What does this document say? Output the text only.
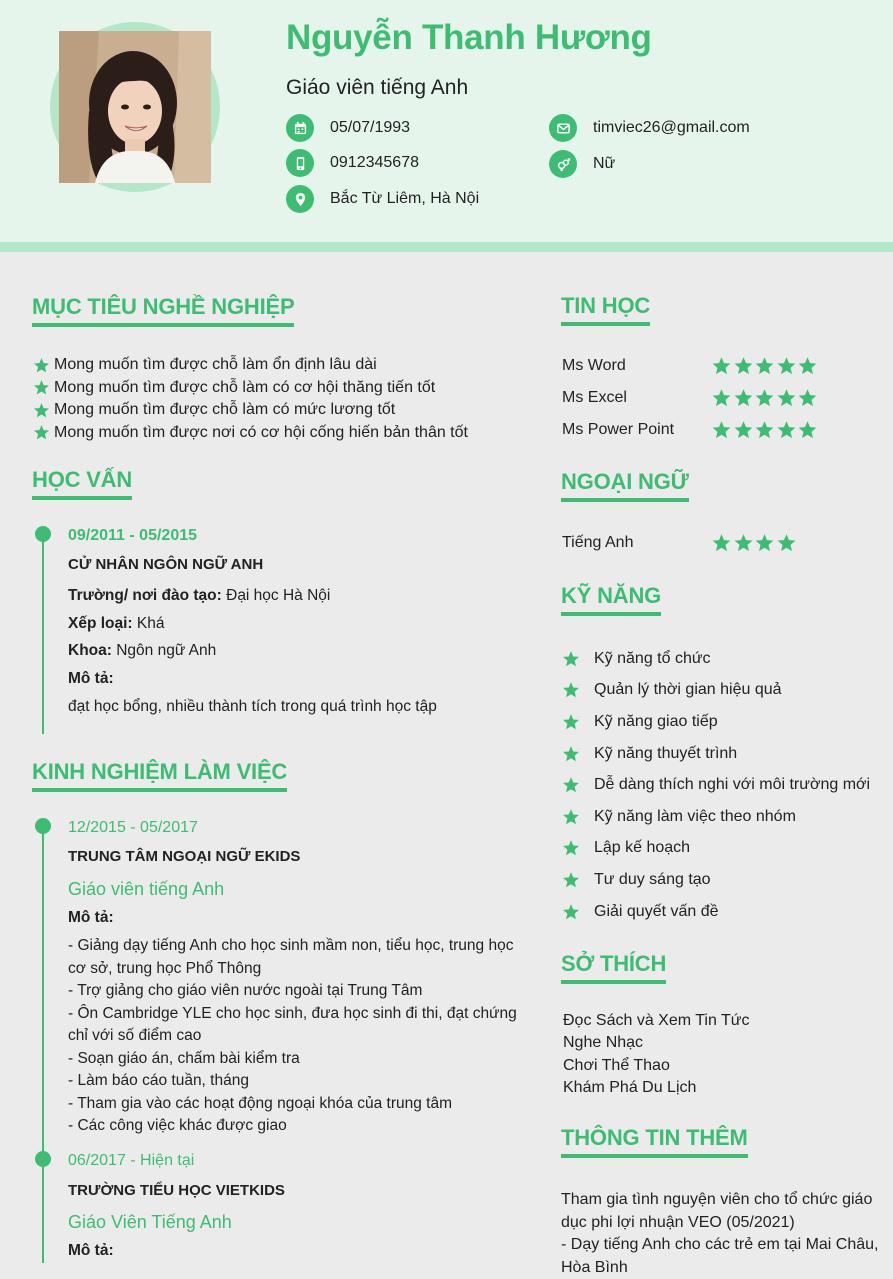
Nguyễn Thanh Hương
Giáo viên tiếng Anh
05/07/1993
0912345678
Bắc Từ Liêm, Hà Nội
timviec26@gmail.com
Nữ
MỤC TIÊU NGHỀ NGHIỆP
Mong muốn tìm được chỗ làm ổn định lâu dài
Mong muốn tìm được chỗ làm có cơ hội thăng tiến tốt
Mong muốn tìm được chỗ làm có mức lương tốt
Mong muốn tìm được nơi có cơ hội cống hiến bản thân tốt
HỌC VẤN
09/2011 - 05/2015
CỬ NHÂN NGÔN NGỮ ANH
Trường/ nơi đào tạo: Đại học Hà Nội
Xếp loại: Khá
Khoa: Ngôn ngữ Anh
Mô tả:
đạt học bổng, nhiều thành tích trong quá trình học tập
KINH NGHIỆM LÀM VIỆC
12/2015 - 05/2017
TRUNG TÂM NGOẠI NGỮ EKIDS
Giáo viên tiếng Anh
Mô tả:
- Giảng dạy tiếng Anh cho học sinh mầm non, tiểu học, trung học cơ sở, trung học Phổ Thông
- Trợ giảng cho giáo viên nước ngoài tại Trung Tâm
- Ôn Cambridge YLE cho học sinh, đưa học sinh đi thi, đạt chứng chỉ với số điểm cao
- Soạn giáo án, chấm bài kiểm tra
- Làm báo cáo tuần, tháng
- Tham gia vào các hoạt động ngoại khóa của trung tâm
- Các công việc khác được giao
06/2017 - Hiện tại
TRƯỜNG TIỂU HỌC VIETKIDS
Giáo Viên Tiếng Anh
Mô tả:
TIN HỌC
Ms Word
Ms Excel
Ms Power Point
NGOẠI NGỮ
Tiếng Anh
KỸ NĂNG
Kỹ năng tổ chức
Quản lý thời gian hiệu quả
Kỹ năng giao tiếp
Kỹ năng thuyết trình
Dễ dàng thích nghi với môi trường mới
Kỹ năng làm việc theo nhóm
Lập kế hoạch
Tư duy sáng tạo
Giải quyết vấn đề
SỞ THÍCH
Đọc Sách và Xem Tin Tức
Nghe Nhạc
Chơi Thể Thao
Khám Phá Du Lịch
THÔNG TIN THÊM
Tham gia tình nguyện viên cho tổ chức giáo dục phi lợi nhuận VEO (05/2021)
- Dạy tiếng Anh cho các trẻ em tại Mai Châu, Hòa Bình
